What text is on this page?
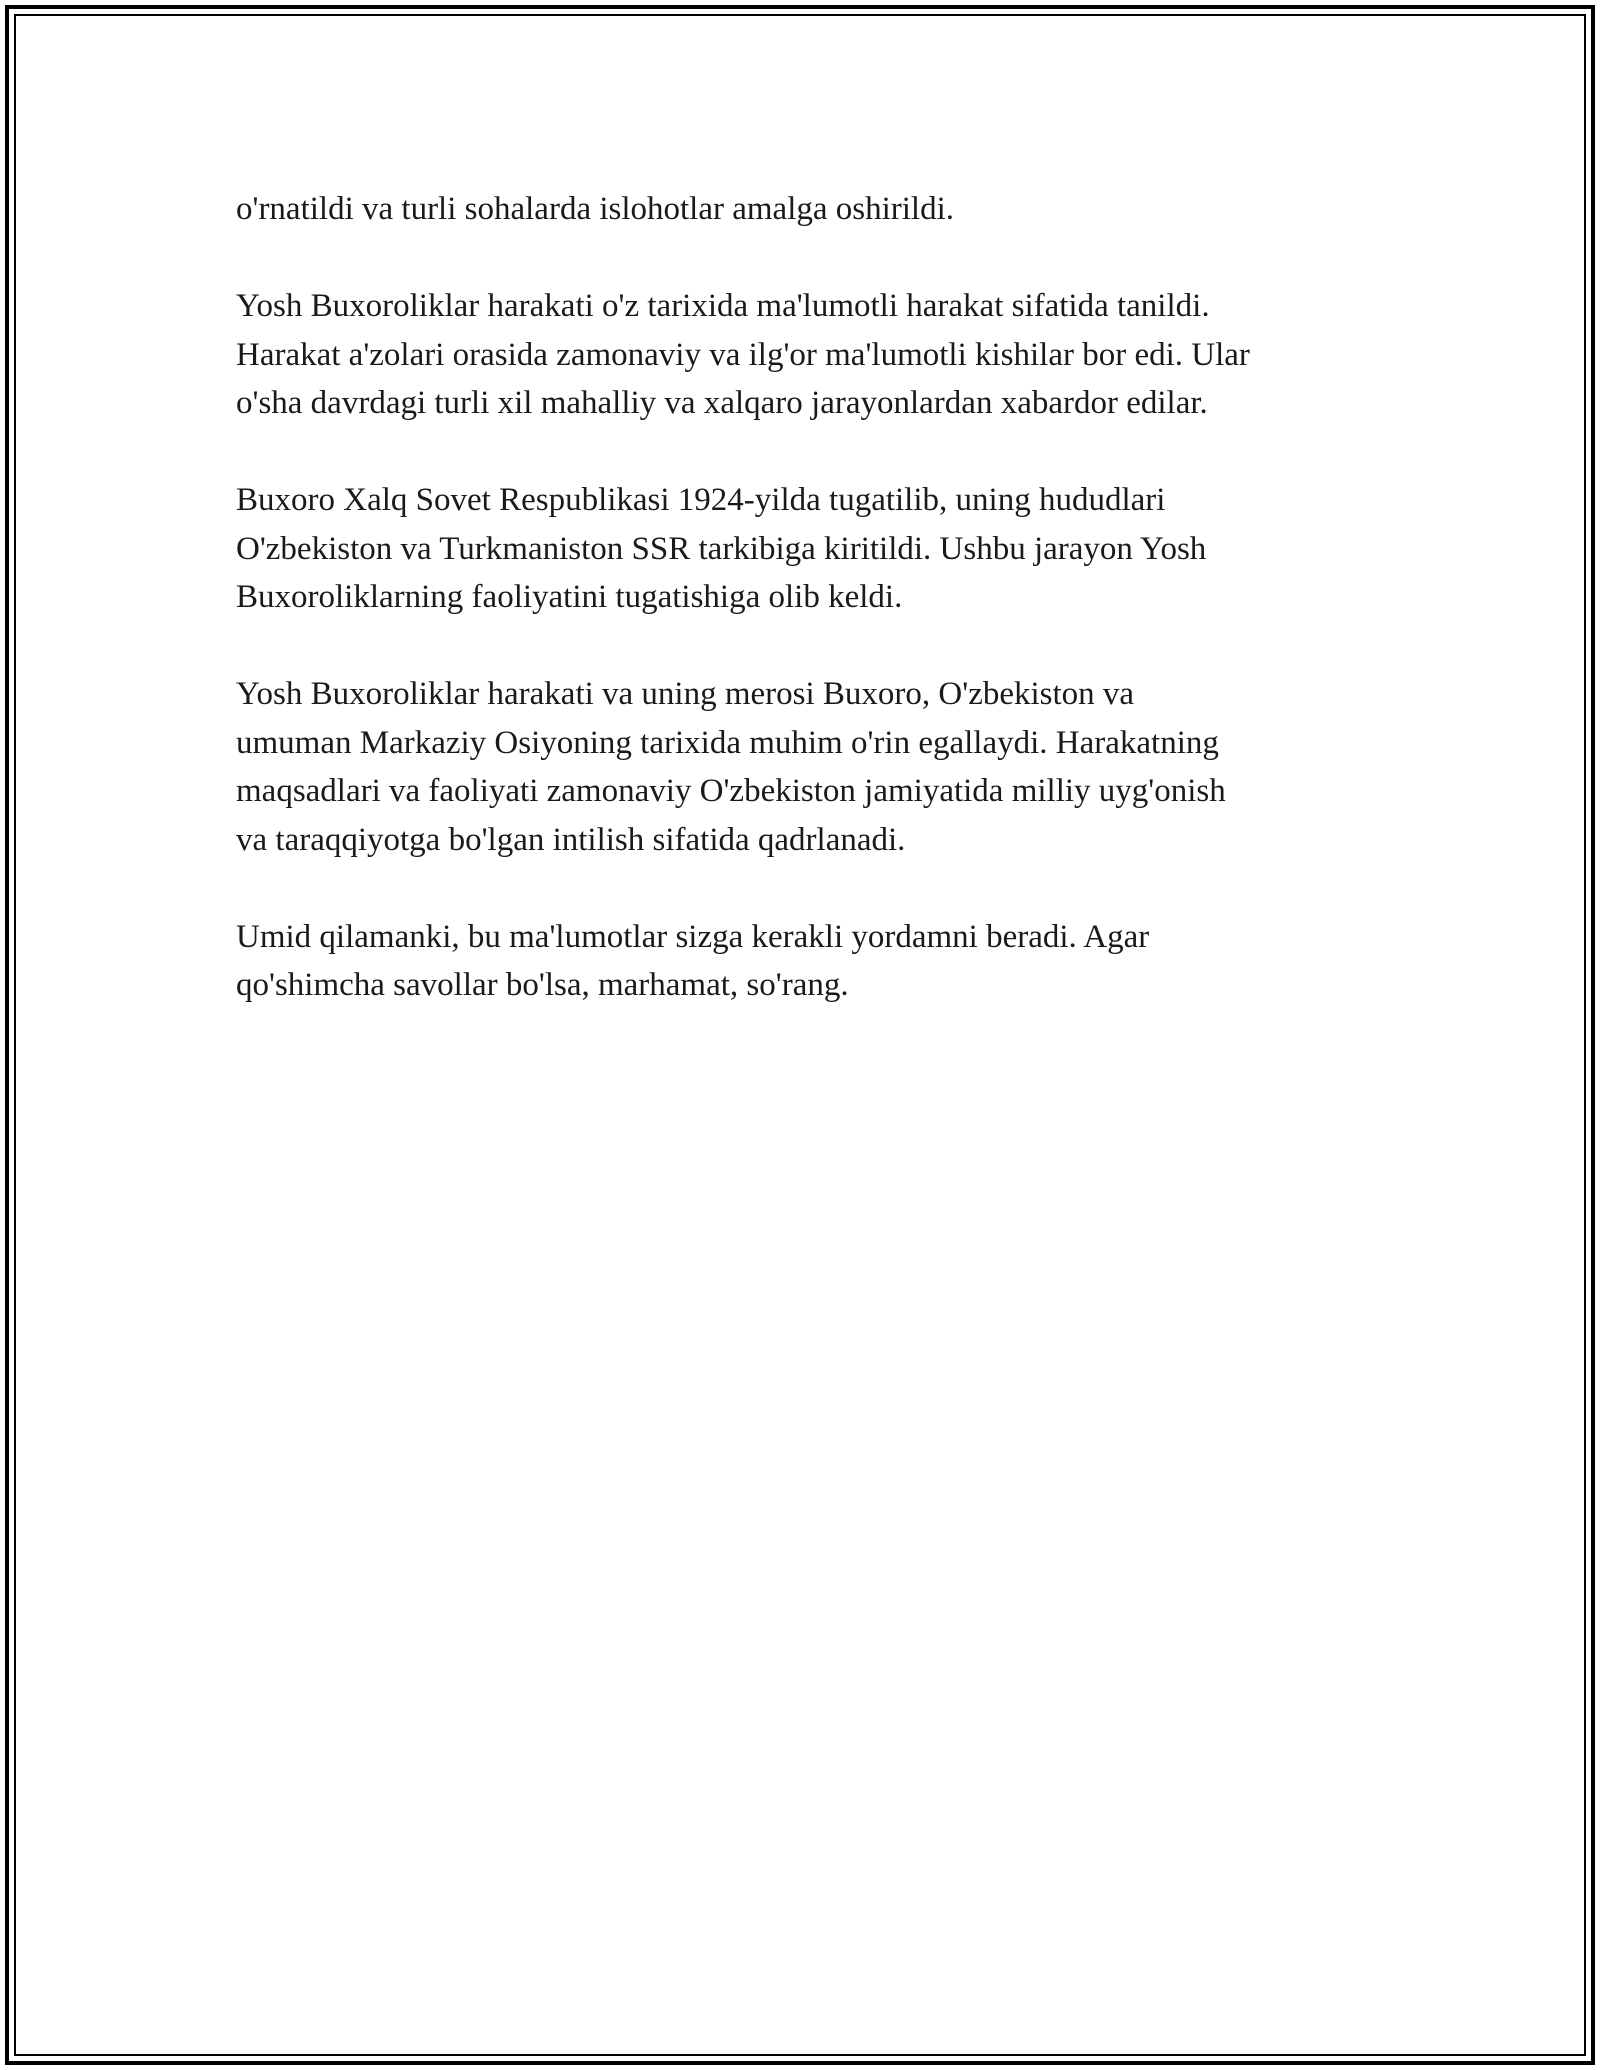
o'rnatildi va turli sohalarda islohotlar amalga oshirildi.

Yosh Buxoroliklar harakati o'z tarixida ma'lumotli harakat sifatida tanildi.
Harakat a'zolari orasida zamonaviy va ilg'or ma'lumotli kishilar bor edi. Ular
o'sha davrdagi turli xil mahalliy va xalqaro jarayonlardan xabardor edilar.

Buxoro Xalq Sovet Respublikasi 1924-yilda tugatilib, uning hududlari
O'zbekiston va Turkmaniston SSR tarkibiga kiritildi. Ushbu jarayon Yosh
Buxoroliklarning faoliyatini tugatishiga olib keldi.

Yosh Buxoroliklar harakati va uning merosi Buxoro, O'zbekiston va
umuman Markaziy Osiyoning tarixida muhim o'rin egallaydi. Harakatning
maqsadlari va faoliyati zamonaviy O'zbekiston jamiyatida milliy uyg'onish
va taraqqiyotga bo'lgan intilish sifatida qadrlanadi.

Umid qilamanki, bu ma'lumotlar sizga kerakli yordamni beradi. Agar
qo'shimcha savollar bo'lsa, marhamat, so'rang.
